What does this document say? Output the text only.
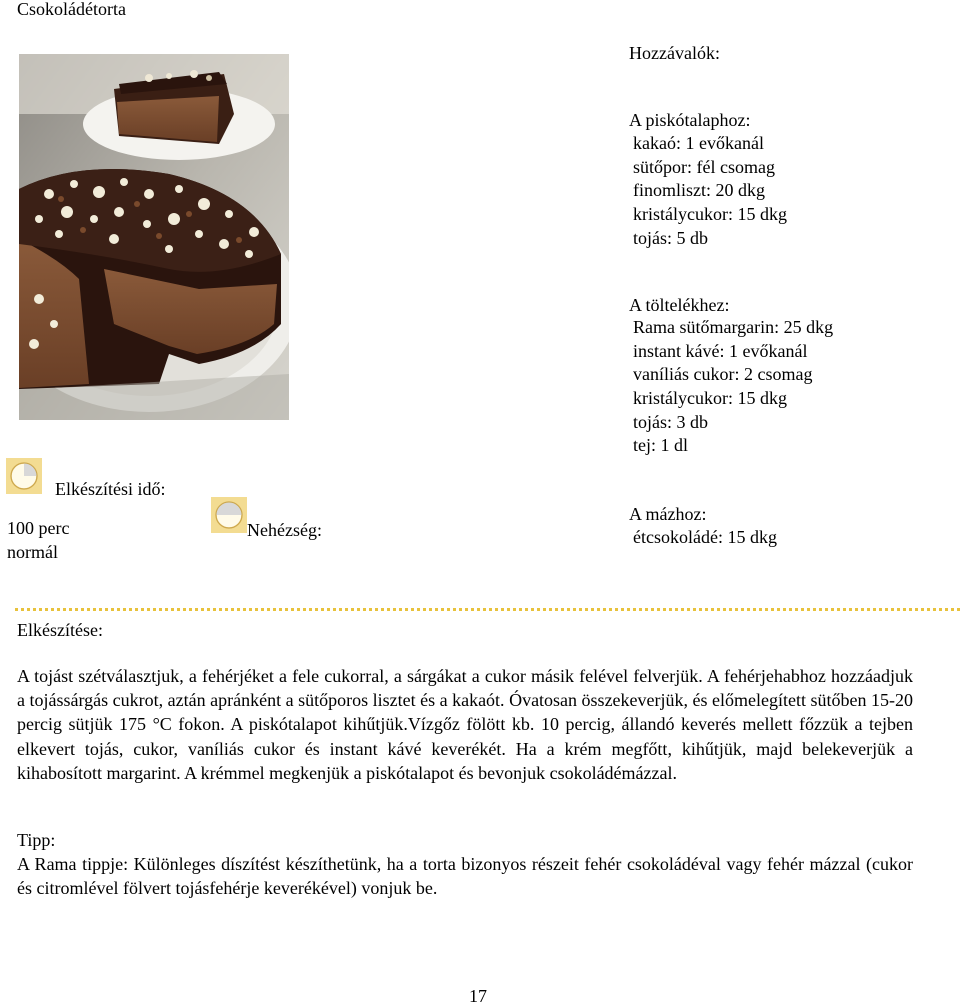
Csokoládétorta
Hozzávalók:
A piskótalaphoz:
kakaó: 1 evőkanál
sütőpor: fél csomag
finomliszt: 20 dkg
kristálycukor: 15 dkg
tojás: 5 db
A töltelékhez:
Rama sütőmargarin: 25 dkg
instant kávé: 1 evőkanál
vaníliás cukor: 2 csomag
kristálycukor: 15 dkg
tojás: 3 db
tej: 1 dl
A mázhoz:
étcsokoládé: 15 dkg
Elkészítési idő:
100 perc	Nehézség:
normál
Elkészítése:
A tojást szétválasztjuk, a fehérjéket a fele cukorral, a sárgákat a cukor másik felével felverjük. A fehérjehabhoz hozzáadjuk a tojássárgás cukrot, aztán apránként a sütőporos lisztet és a kakaót. Óvatosan összekeverjük, és előmelegített sütőben 15-20 percig sütjük 175 °C fokon. A piskótalapot kihűtjük.Vízgőz fölött kb. 10 percig, állandó keverés mellett főzzük a tejben elkevert tojás, cukor, vaníliás cukor és instant kávé keverékét. Ha a krém megfőtt, kihűtjük, majd belekeverjük a kihabosított margarint. A krémmel megkenjük a piskótalapot és bevonjuk csokoládémázzal.
Tipp:
A Rama tippje: Különleges díszítést készíthetünk, ha a torta bizonyos részeit fehér csokoládéval vagy fehér mázzal (cukor és citromlével fölvert tojásfehérje keverékével) vonjuk be.
17
